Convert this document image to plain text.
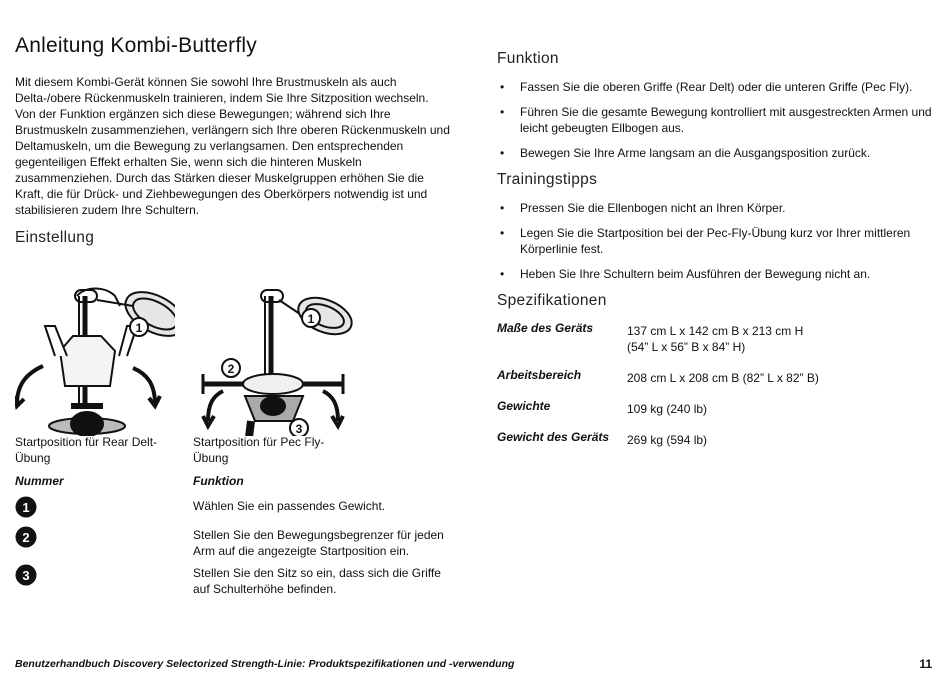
Anleitung Kombi-Butterfly

Mit diesem Kombi-Gerät können Sie sowohl Ihre Brustmuskeln als auch Delta-/obere Rückenmuskeln trainieren, indem Sie Ihre Sitzposition wechseln. Von der Funktion ergänzen sich diese Bewegungen; während sich Ihre Brustmuskeln zusammenziehen, verlängern sich Ihre oberen Rückenmuskeln und Deltamuskeln, um die Bewegung zu verlangsamen. Den entsprechenden gegenteiligen Effekt erhalten Sie, wenn sich die hinteren Muskeln zusammenziehen. Durch das Stärken dieser Muskelgruppen erhöhen Sie die Kraft, die für Drück- und Ziehbewegungen des Oberkörpers notwendig ist und stabilisieren zudem Ihre Schultern.

Einstellung
1
1
2
3
Startposition für Rear Delt-Übung
Startposition für Pec Fly-Übung
Nummer	Funktion
1	Wählen Sie ein passendes Gewicht.
2	Stellen Sie den Bewegungsbegrenzer für jeden Arm auf die angezeigte Startposition ein.
3	Stellen Sie den Sitz so ein, dass sich die Griffe auf Schulterhöhe befinden.
Funktion
• Fassen Sie die oberen Griffe (Rear Delt) oder die unteren Griffe (Pec Fly).
• Führen Sie die gesamte Bewegung kontrolliert mit ausgestreckten Armen und leicht gebeugten Ellbogen aus.
• Bewegen Sie Ihre Arme langsam an die Ausgangsposition zurück.
Trainingstipps
• Pressen Sie die Ellenbogen nicht an Ihren Körper.
• Legen Sie die Startposition bei der Pec-Fly-Übung kurz vor Ihrer mittleren Körperlinie fest.
• Heben Sie Ihre Schultern beim Ausführen der Bewegung nicht an.
Spezifikationen
Maße des Geräts	137 cm L x 142 cm B x 213 cm H
(54” L x 56” B x 84” H)

Arbeitsbereich	208 cm L x 208 cm B (82” L x 82” B)
Gewichte	109 kg (240 lb)
Gewicht des Geräts	269 kg (594 lb)
Benutzerhandbuch Discovery Selectorized Strength-Linie: Produktspezifikationen und -verwendung	11
